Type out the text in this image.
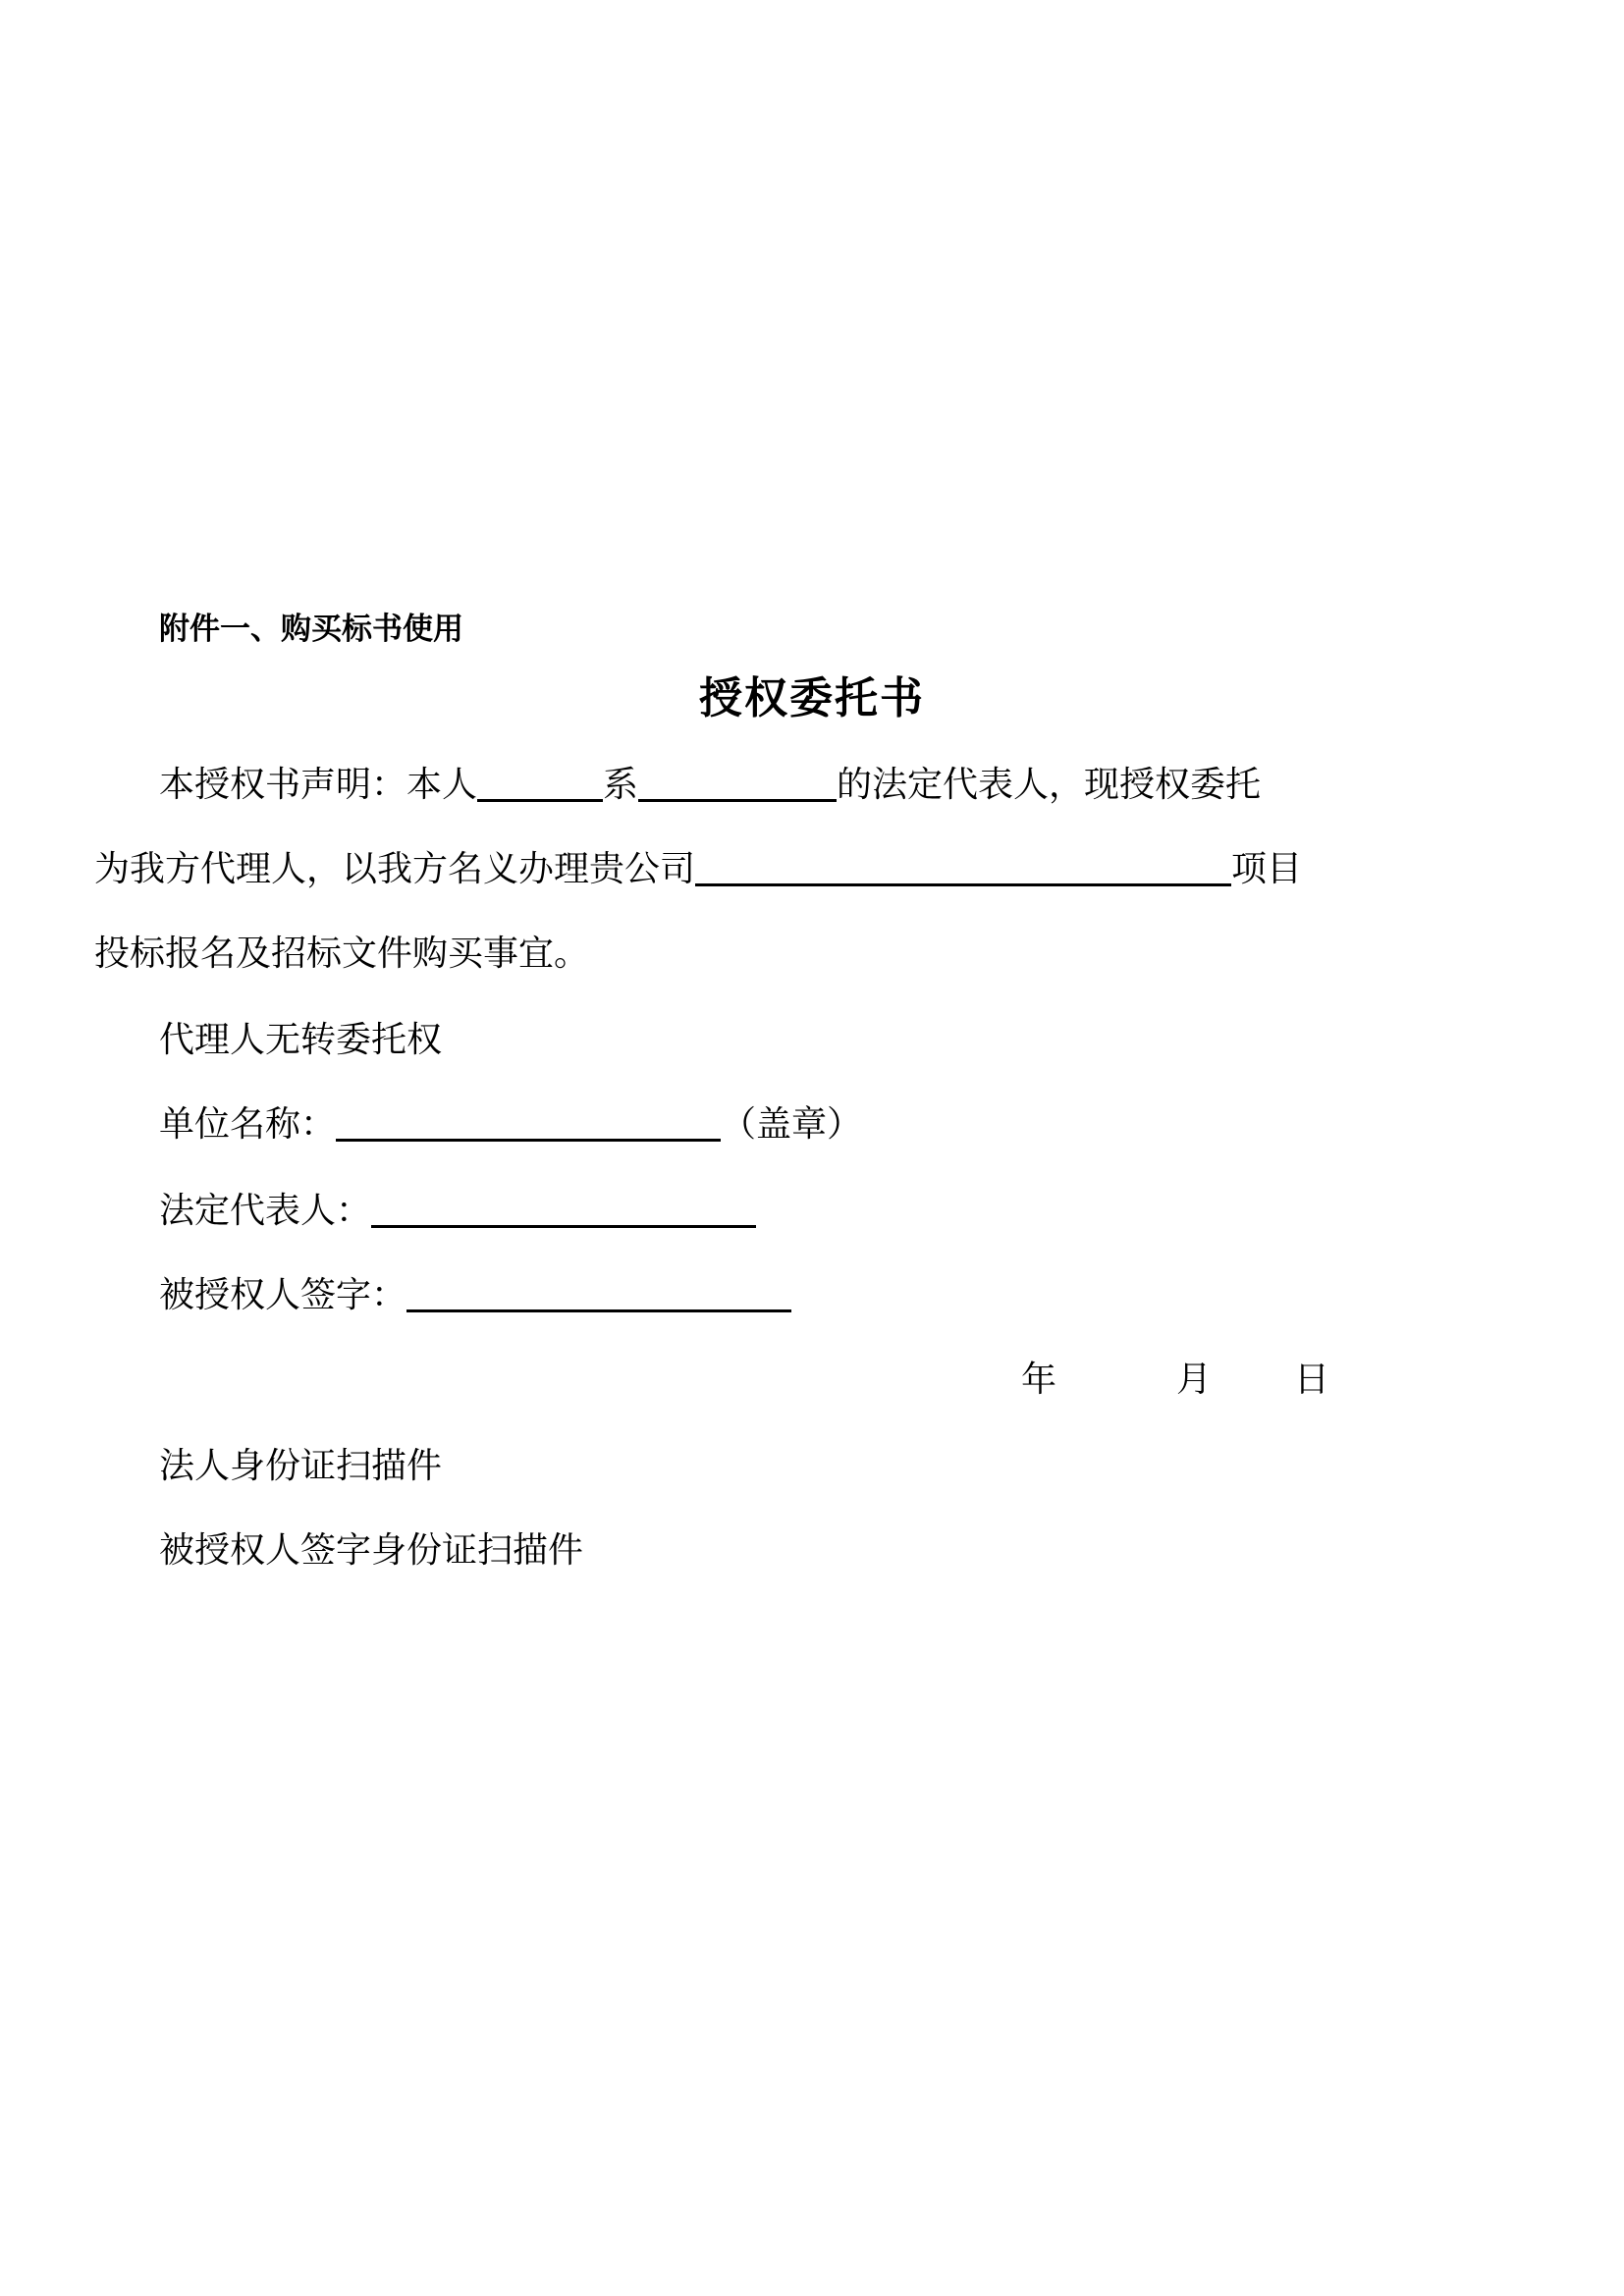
附件一、购买标书使用
授权委托书
本授权书声明：本人	系	的法定代表人，现授权委托
为我方代理人，以我方名义办理贵公司	项目
投标报名及招标文件购买事宜。
代理人无转委托权
单位名称：	（盖章）
法定代表人：
被授权人签字：
年	月 日
法人身份证扫描件
被授权人签字身份证扫描件
